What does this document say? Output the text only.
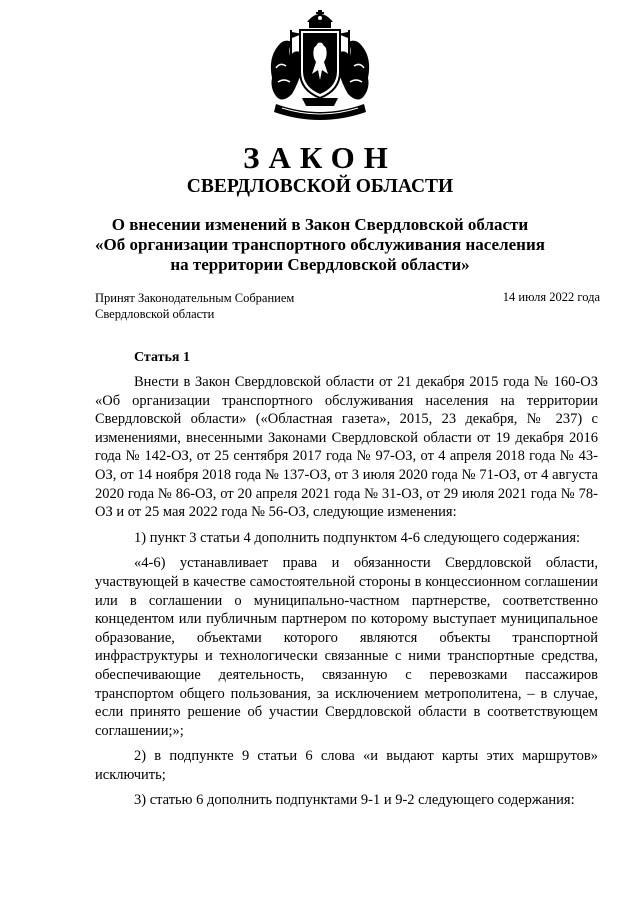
ЗАКОН
СВЕРДЛОВСКОЙ ОБЛАСТИ
О внесении изменений в Закон Свердловской области
«Об организации транспортного обслуживания населения
на территории Свердловской области»
Принят Законодательным Собранием
Свердловской области
14 июля 2022 года
Статья 1

Внести в Закон Свердловской области от 21 декабря 2015 года № 160-ОЗ «Об организации транспортного обслуживания населения на территории Свердловской области» («Областная газета», 2015, 23 декабря, № 237) с изменениями, внесенными Законами Свердловской области от 19 декабря 2016 года № 142-ОЗ, от 25 сентября 2017 года № 97-ОЗ, от 4 апреля 2018 года № 43-ОЗ, от 14 ноября 2018 года № 137-ОЗ, от 3 июля 2020 года № 71-ОЗ, от 4 августа 2020 года № 86-ОЗ, от 20 апреля 2021 года № 31-ОЗ, от 29 июля 2021 года № 78-ОЗ и от 25 мая 2022 года № 56-ОЗ, следующие изменения:

1) пункт 3 статьи 4 дополнить подпунктом 4-6 следующего содержания:

«4-6) устанавливает права и обязанности Свердловской области, участвующей в качестве самостоятельной стороны в концессионном соглашении или в соглашении о муниципально-частном партнерстве, соответственно концедентом или публичным партнером по которому выступает муниципальное образование, объектами которого являются объекты транспортной инфраструктуры и технологически связанные с ними транспортные средства, обеспечивающие деятельность, связанную с перевозками пассажиров транспортом общего пользования, за исключением метрополитена, – в случае, если принято решение об участии Свердловской области в соответствующем соглашении;»;

2) в подпункте 9 статьи 6 слова «и выдают карты этих маршрутов» исключить;

3) статью 6 дополнить подпунктами 9-1 и 9-2 следующего содержания:
